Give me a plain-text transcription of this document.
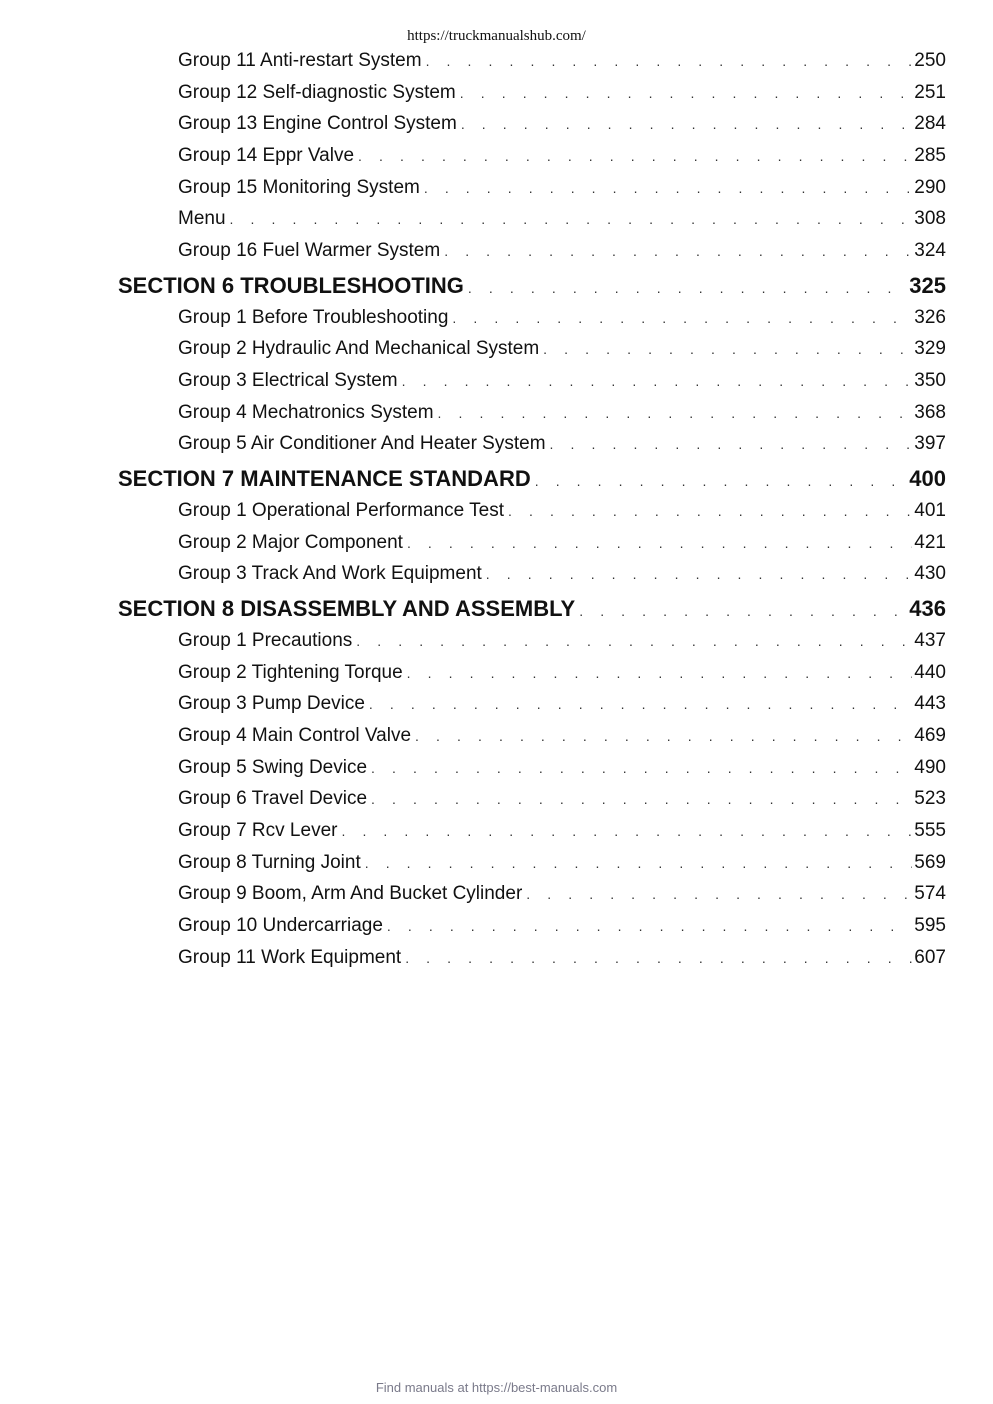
https://truckmanualshub.com/
Group 11 Anti-restart System . . .	250
Group 12 Self-diagnostic System . . .	251
Group 13 Engine Control System . . .	284
Group 14 Eppr Valve . . .	285
Group 15 Monitoring System . . .	290
Menu . . .	308
Group 16 Fuel Warmer System . . .	324
SECTION 6 TROUBLESHOOTING . . .	325
Group 1 Before Troubleshooting . . .	326
Group 2 Hydraulic And Mechanical System . . .	329
Group 3 Electrical System . . .	350
Group 4 Mechatronics System . . .	368
Group 5 Air Conditioner And Heater System . . .	397
SECTION 7 MAINTENANCE STANDARD . . .	400
Group 1 Operational Performance Test . . .	401
Group 2 Major Component . . .	421
Group 3 Track And Work Equipment . . .	430
SECTION 8 DISASSEMBLY AND ASSEMBLY . . .	436
Group 1 Precautions . . .	437
Group 2 Tightening Torque . . .	440
Group 3 Pump Device . . .	443
Group 4 Main Control Valve . . .	469
Group 5 Swing Device . . .	490
Group 6 Travel Device . . .	523
Group 7 Rcv Lever . . .	555
Group 8 Turning Joint . . .	569
Group 9 Boom, Arm And Bucket Cylinder . . .	574
Group 10 Undercarriage . . .	595
Group 11 Work Equipment . . .	607
Find manuals at https://best-manuals.com
